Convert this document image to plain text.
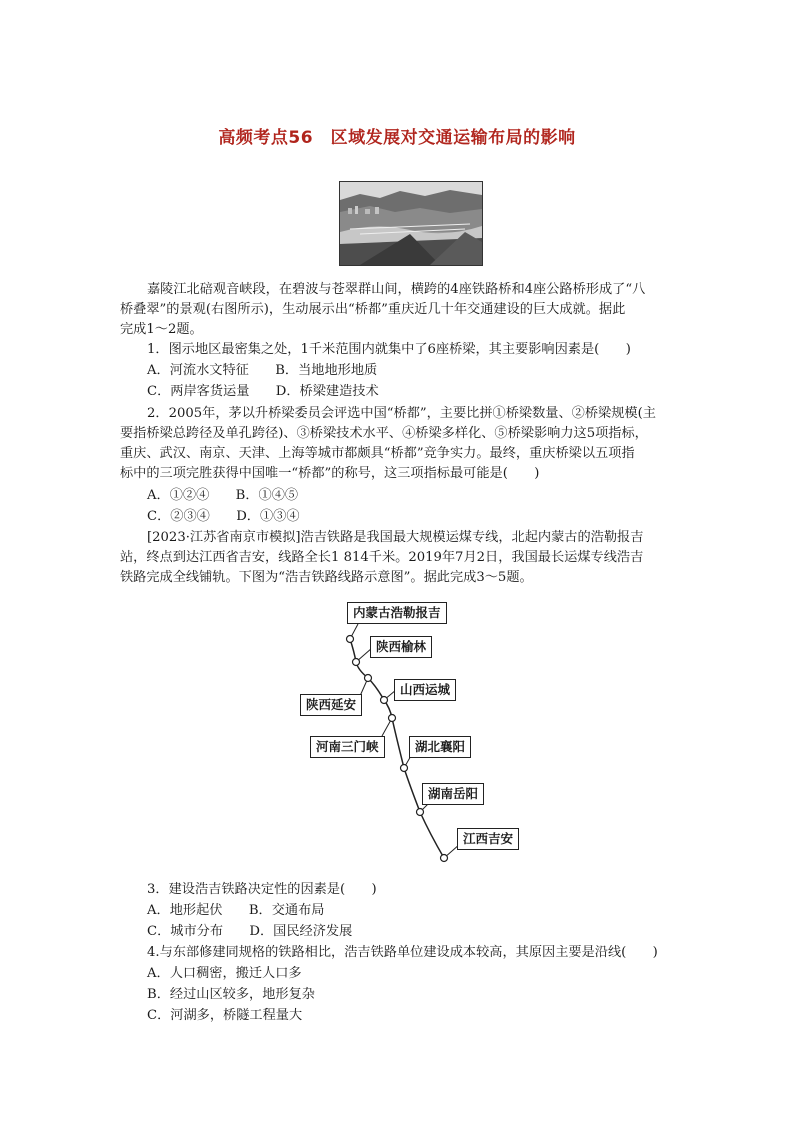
高频考点56　区域发展对交通运输布局的影响
嘉陵江北碚观音峡段，在碧波与苍翠群山间，横跨的4座铁路桥和4座公路桥形成了“八
桥叠翠”的景观(右图所示)，生动展示出“桥都”重庆近几十年交通建设的巨大成就。据此
完成1～2题。
1．图示地区最密集之处，1千米范围内就集中了6座桥梁，其主要影响因素是(　　)
A．河流水文特征　　B．当地地形地质
C．两岸客货运量　　D．桥梁建造技术
2．2005年，茅以升桥梁委员会评选中国“桥都”，主要比拼①桥梁数量、②桥梁规模(主
要指桥梁总跨径及单孔跨径)、③桥梁技术水平、④桥梁多样化、⑤桥梁影响力这5项指标，
重庆、武汉、南京、天津、上海等城市都颇具“桥都”竞争实力。最终，重庆桥梁以五项指
标中的三项完胜获得中国唯一“桥都”的称号，这三项指标最可能是(　　)
A．①②④　　B．①④⑤
C．②③④　　D．①③④
[2023·江苏省南京市模拟]浩吉铁路是我国最大规模运煤专线，北起内蒙古的浩勒报吉
站，终点到达江西省吉安，线路全长1 814千米。2019年7月2日，我国最长运煤专线浩吉
铁路完成全线铺轨。下图为“浩吉铁路线路示意图”。据此完成3～5题。
内蒙古浩勒报吉
陕西榆林
陕西延安
山西运城
河南三门峡	湖北襄阳
湖南岳阳
江西吉安
3．建设浩吉铁路决定性的因素是(　　)
A．地形起伏　　B．交通布局
C．城市分布　　D．国民经济发展
4.与东部修建同规格的铁路相比，浩吉铁路单位建设成本较高，其原因主要是沿线(　　)
A．人口稠密，搬迁人口多
B．经过山区较多，地形复杂
C．河湖多，桥隧工程量大
